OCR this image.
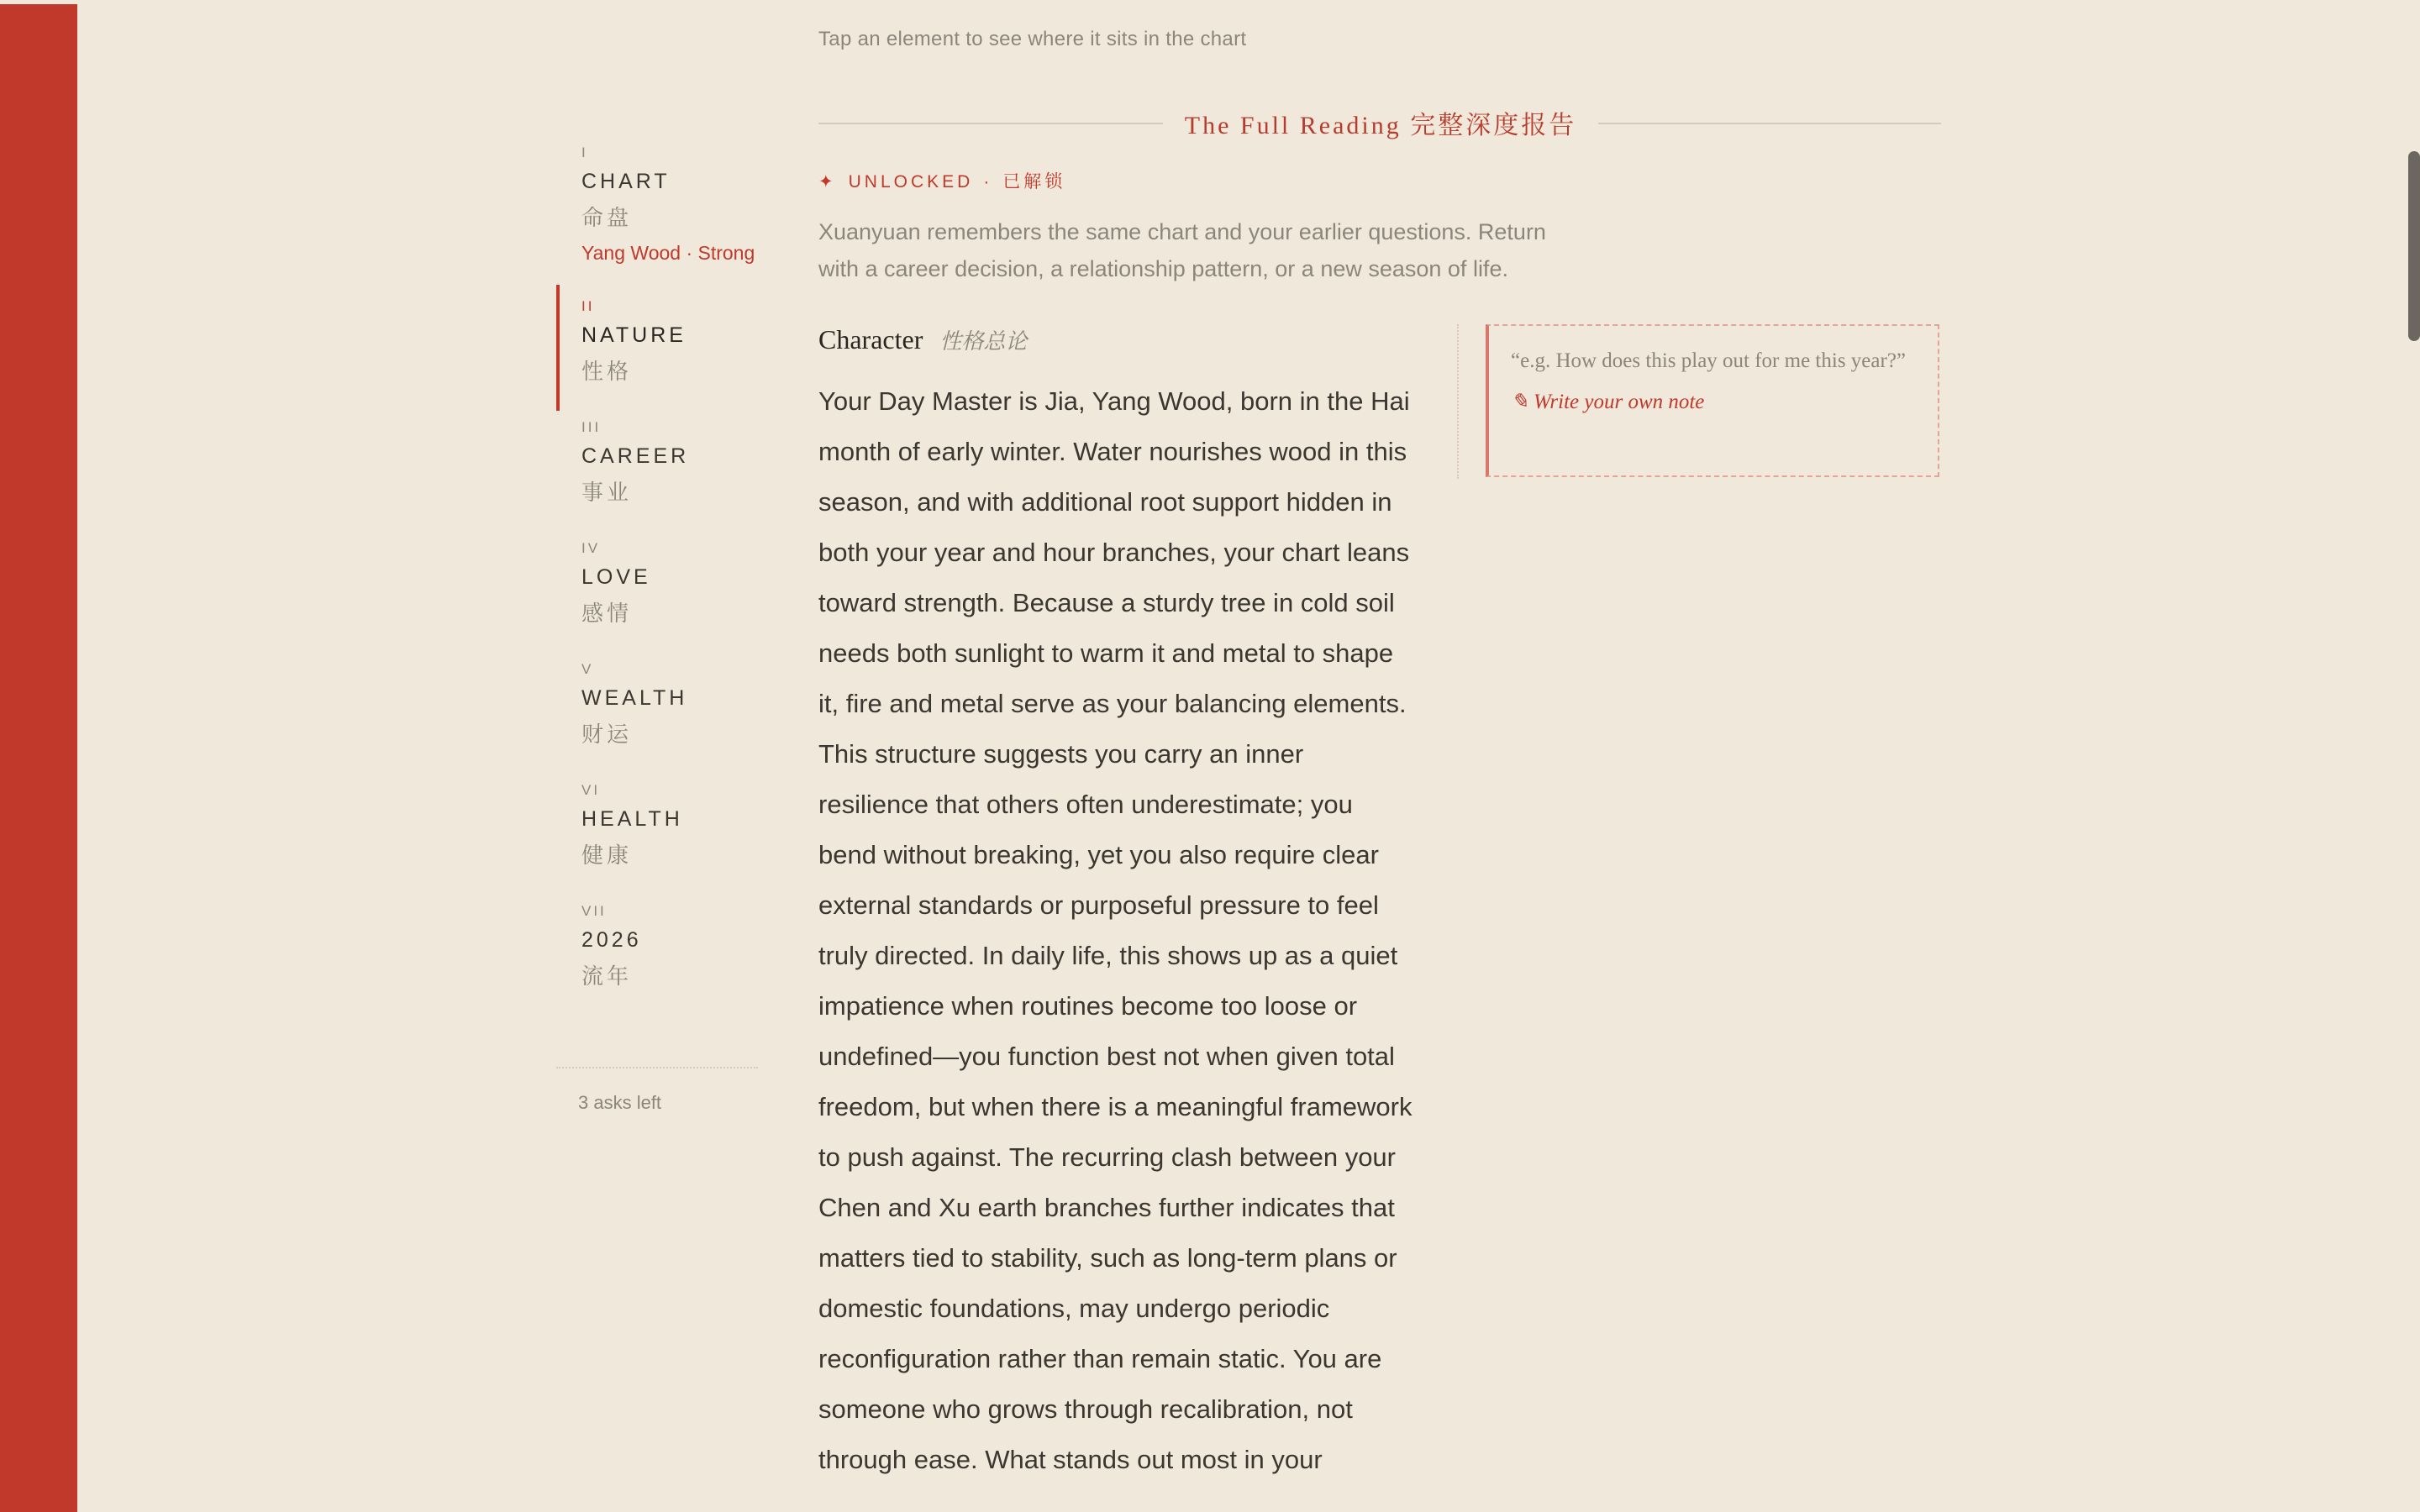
Tap an element to see where it sits in the chart
The Full Reading 完整深度报告
✦ UNLOCKED · 已解锁
Xuanyuan remembers the same chart and your earlier questions. Return with a career decision, a relationship pattern, or a new season of life.
I
CHART
命盘
Yang Wood · Strong
II
NATURE
性格
III
CAREER
事业
IV
LOVE
感情
V
WEALTH
财运
VI
HEALTH
健康
VII
2026
流年
3 asks left
Character 性格总论
Your Day Master is Jia, Yang Wood, born in the Hai month of early winter. Water nourishes wood in this season, and with additional root support hidden in both your year and hour branches, your chart leans toward strength. Because a sturdy tree in cold soil needs both sunlight to warm it and metal to shape it, fire and metal serve as your balancing elements. This structure suggests you carry an inner resilience that others often underestimate; you bend without breaking, yet you also require clear external standards or purposeful pressure to feel truly directed. In daily life, this shows up as a quiet impatience when routines become too loose or undefined—you function best not when given total freedom, but when there is a meaningful framework to push against. The recurring clash between your Chen and Xu earth branches further indicates that matters tied to stability, such as long-term plans or domestic foundations, may undergo periodic reconfiguration rather than remain static. You are someone who grows through recalibration, not through ease. What stands out most in your
“e.g. How does this play out for me this year?”
✎ Write your own note
